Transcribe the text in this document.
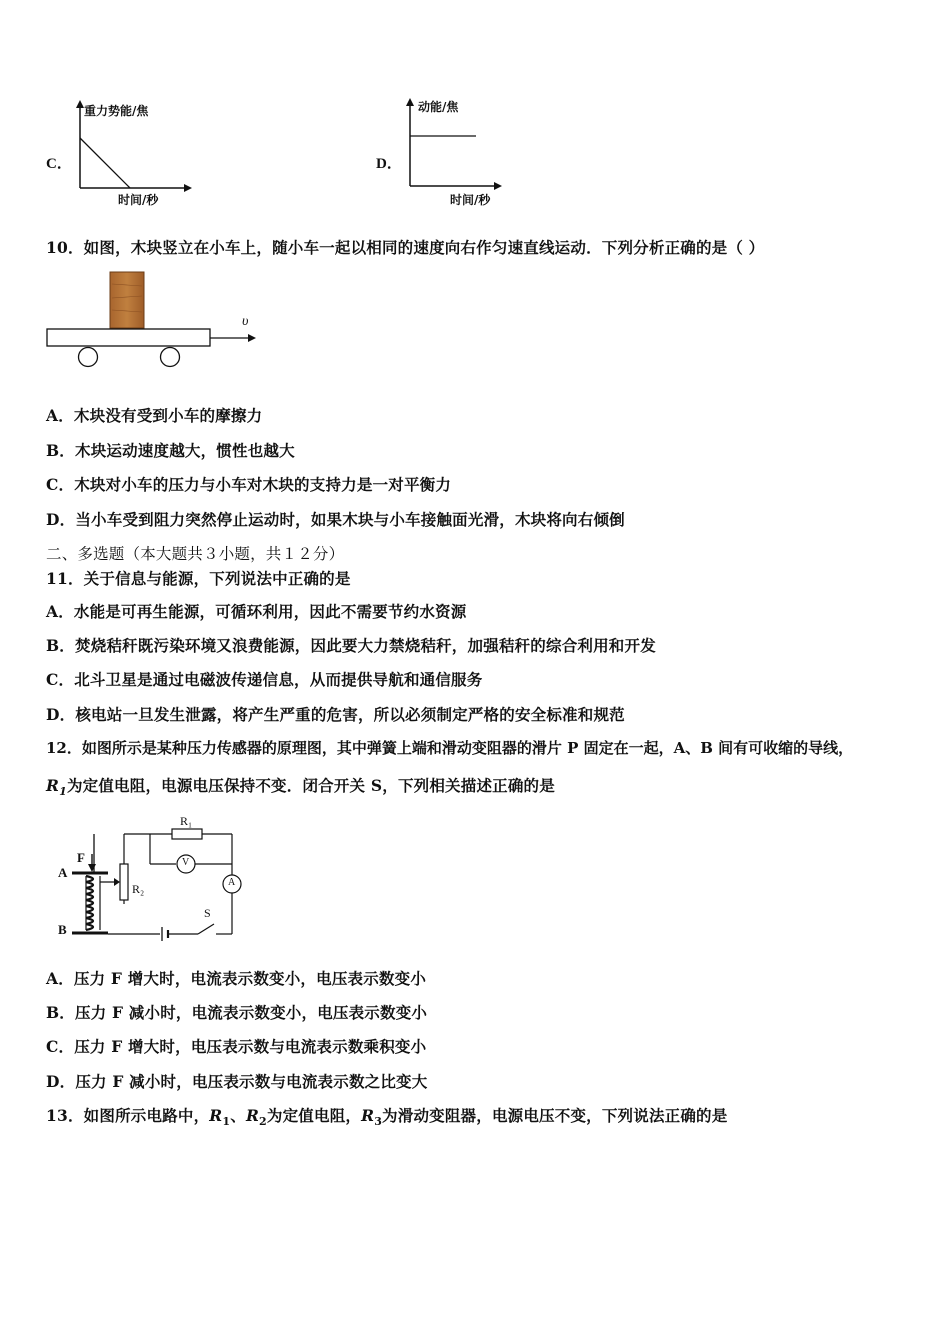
C．
重力势能/焦
时间/秒
D．
动能/焦
时间/秒
10．如图，木块竖立在小车上，随小车一起以相同的速度向右作匀速直线运动．下列分析正确的是（ ）
υ
A．木块没有受到小车的摩擦力
B．木块运动速度越大，惯性也越大
C．木块对小车的压力与小车对木块的支持力是一对平衡力
D．当小车受到阻力突然停止运动时，如果木块与小车接触面光滑，木块将向右倾倒
二、多选题（本大题共３小题，共１２分）
11．关于信息与能源，下列说法中正确的是
A．水能是可再生能源，可循环利用，因此不需要节约水资源
B．焚烧秸秆既污染环境又浪费能源，因此要大力禁烧秸秆，加强秸秆的综合利用和开发
C．北斗卫星是通过电磁波传递信息，从而提供导航和通信服务
D．核电站一旦发生泄露，将产生严重的危害，所以必须制定严格的安全标准和规范
12．如图所示是某种压力传感器的原理图，其中弹簧上端和滑动变阻器的滑片 P 固定在一起，A、B 间有可收缩的导线，
$R_1$为定值电阻，电源电压保持不变．闭合开关 S，下列相关描述正确的是
F
A
B
R₁
R₂
V
A
S
A．压力 F 增大时，电流表示数变小，电压表示数变小
B．压力 F 减小时，电流表示数变小，电压表示数变小
C．压力 F 增大时，电压表示数与电流表示数乘积变小
D．压力 F 减小时，电压表示数与电流表示数之比变大
13．如图所示电路中，$R_1$、$R_2$为定值电阻，$R_3$为滑动变阻器，电源电压不变，下列说法正确的是
